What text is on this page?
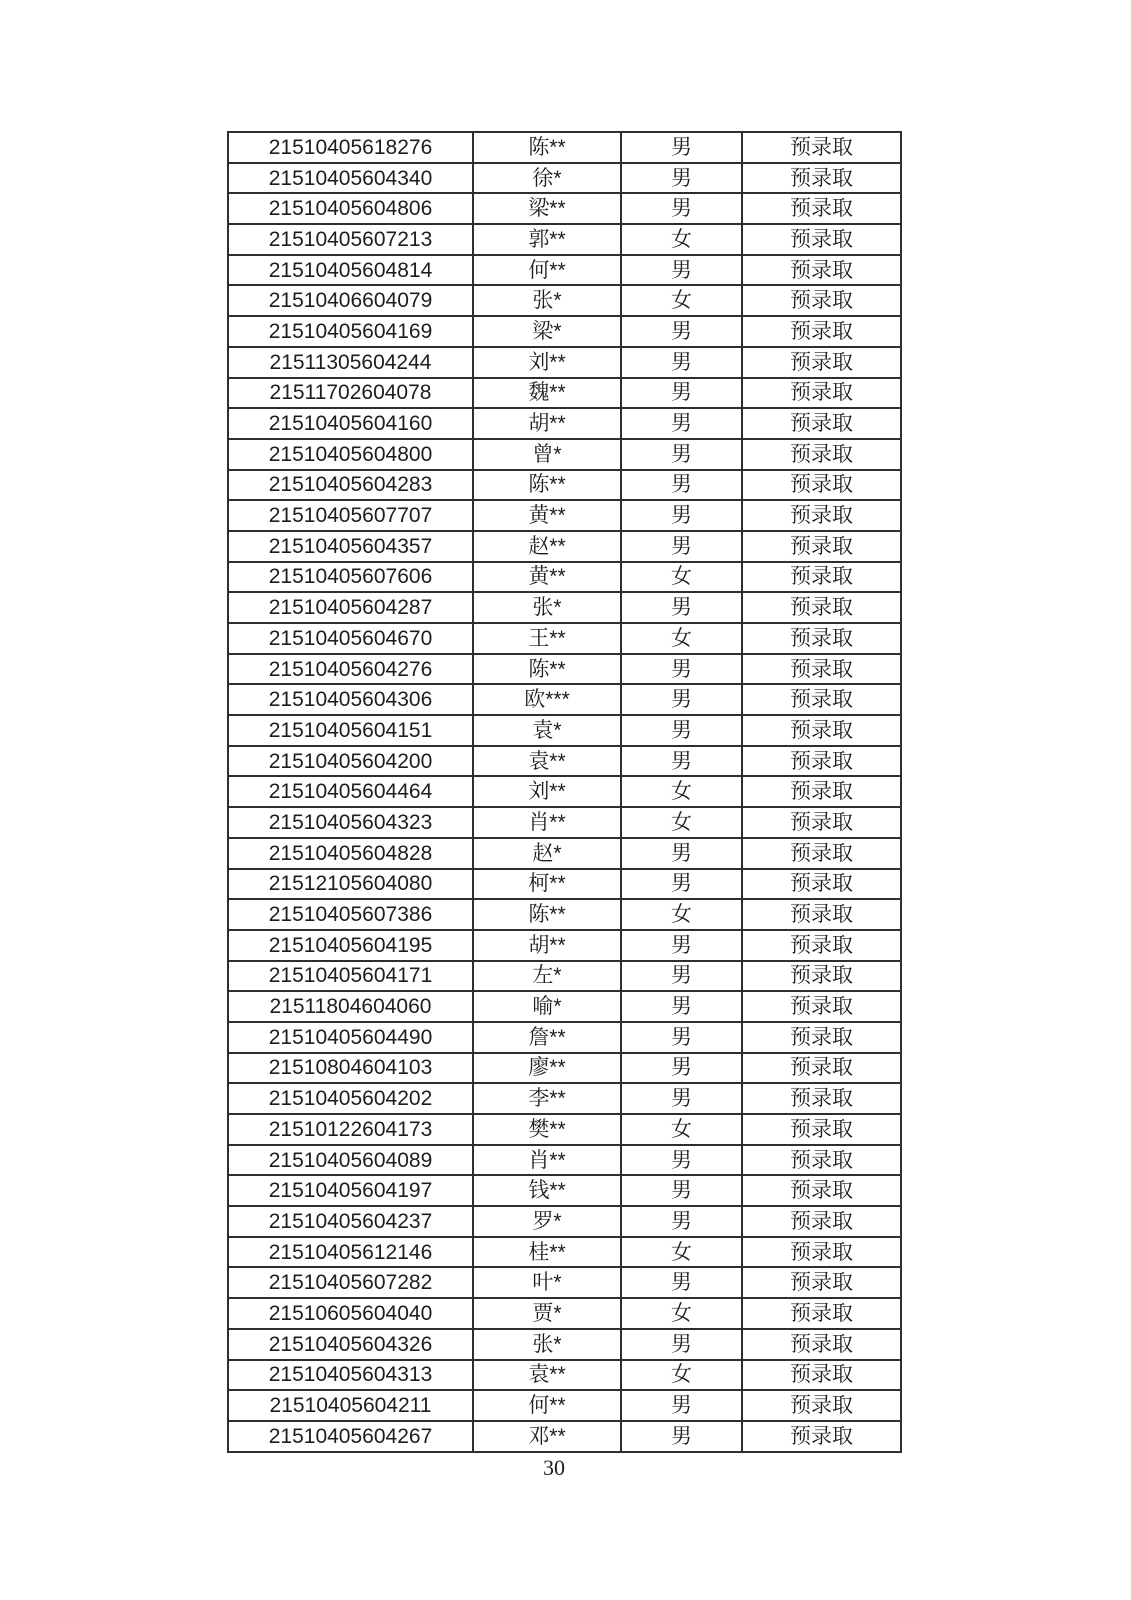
21510405618276	陈**	男	预录取
21510405604340	徐*	男	预录取
21510405604806	梁**	男	预录取
21510405607213	郭**	女	预录取
21510405604814	何**	男	预录取
21510406604079	张*	女	预录取
21510405604169	梁*	男	预录取
21511305604244	刘**	男	预录取
21511702604078	魏**	男	预录取
21510405604160	胡**	男	预录取
21510405604800	曾*	男	预录取
21510405604283	陈**	男	预录取
21510405607707	黄**	男	预录取
21510405604357	赵**	男	预录取
21510405607606	黄**	女	预录取
21510405604287	张*	男	预录取
21510405604670	王**	女	预录取
21510405604276	陈**	男	预录取
21510405604306	欧***	男	预录取
21510405604151	袁*	男	预录取
21510405604200	袁**	男	预录取
21510405604464	刘**	女	预录取
21510405604323	肖**	女	预录取
21510405604828	赵*	男	预录取
21512105604080	柯**	男	预录取
21510405607386	陈**	女	预录取
21510405604195	胡**	男	预录取
21510405604171	左*	男	预录取
21511804604060	喻*	男	预录取
21510405604490	詹**	男	预录取
21510804604103	廖**	男	预录取
21510405604202	李**	男	预录取
21510122604173	樊**	女	预录取
21510405604089	肖**	男	预录取
21510405604197	钱**	男	预录取
21510405604237	罗*	男	预录取
21510405612146	桂**	女	预录取
21510405607282	叶*	男	预录取
21510605604040	贾*	女	预录取
21510405604326	张*	男	预录取
21510405604313	袁**	女	预录取
21510405604211	何**	男	预录取
21510405604267	邓**	男	预录取
30
